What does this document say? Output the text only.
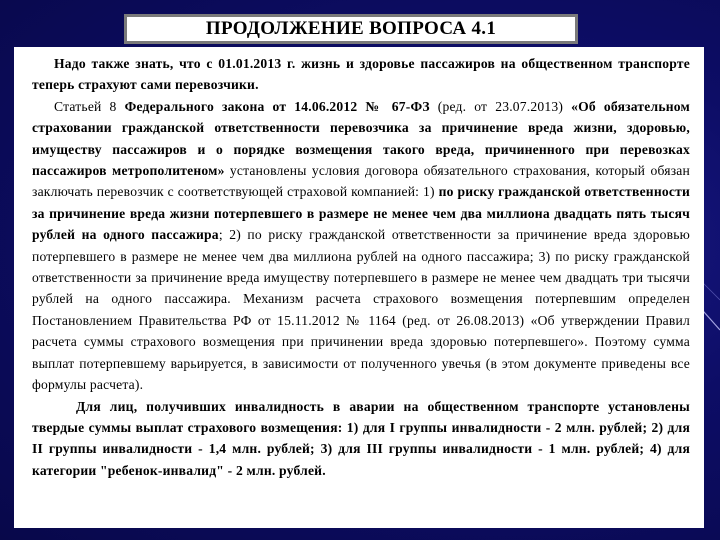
ПРОДОЛЖЕНИЕ ВОПРОСА 4.1

Надо также знать, что с 01.01.2013 г. жизнь и здоровье пассажиров на общественном транспорте теперь страхуют сами перевозчики.

Статьей 8 Федерального закона от 14.06.2012 № 67-ФЗ (ред. от 23.07.2013) «Об обязательном страховании гражданской ответственности перевозчика за причинение вреда жизни, здоровью, имуществу пассажиров и о порядке возмещения такого вреда, причиненного при перевозках пассажиров метрополитеном» установлены условия договора обязательного страхования, который обязан заключать перевозчик с соответствующей страховой компанией: 1) по риску гражданской ответственности за причинение вреда жизни потерпевшего в размере не менее чем два миллиона двадцать пять тысяч рублей на одного пассажира; 2) по риску гражданской ответственности за причинение вреда здоровью потерпевшего в размере не менее чем два миллиона рублей на одного пассажира; 3) по риску гражданской ответственности за причинение вреда имуществу потерпевшего в размере не менее чем двадцать три тысячи рублей на одного пассажира. Механизм расчета страхового возмещения потерпевшим определен Постановлением Правительства РФ от 15.11.2012 № 1164 (ред. от 26.08.2013) «Об утверждении Правил расчета суммы страхового возмещения при причинении вреда здоровью потерпевшего». Поэтому сумма выплат потерпевшему варьируется, в зависимости от полученного увечья (в этом документе приведены все формулы расчета).

Для лиц, получивших инвалидность в аварии на общественном транспорте установлены твердые суммы выплат страхового возмещения: 1) для I группы инвалидности - 2 млн. рублей; 2) для II группы инвалидности - 1,4 млн. рублей; 3) для III группы инвалидности - 1 млн. рублей; 4) для категории "ребенок-инвалид" - 2 млн. рублей.
